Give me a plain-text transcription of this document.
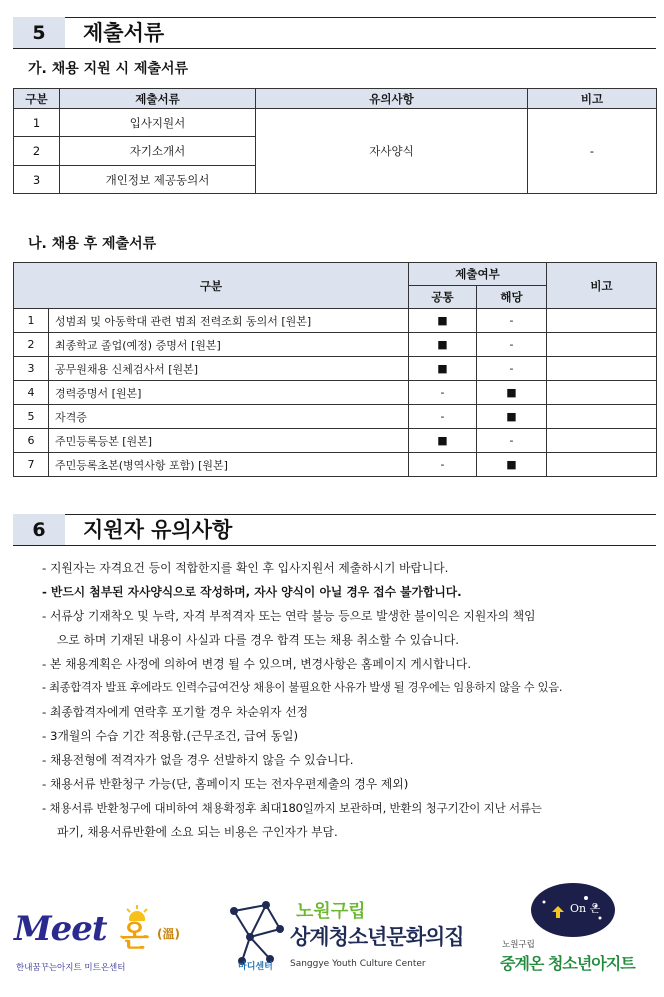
5	제출서류
가. 채용 지원 시 제출서류
구분	제출서류	유의사항	비고
1	입사지원서	자사양식	-
2	자기소개서		
3	개인정보 제공동의서		
나. 채용 후 제출서류
구분		제출여부		비고
		공통	해당	
1	성범죄 및 아동학대 관련 범죄 전력조회 동의서 [원본]	■	-	
2	최종학교 졸업(예정) 증명서 [원본]	■	-	
3	공무원채용 신체검사서 [원본]	■	-	
4	경력증명서 [원본]	-	■	
5	자격증	-	■	
6	주민등록등본 [원본]	■	-	
7	주민등록초본(병역사항 포함) [원본]	-	■	
6	지원자 유의사항
- 지원자는 자격요건 등이 적합한지를 확인 후 입사지원서 제출하시기 바랍니다.
- 반드시 첨부된 자사양식으로 작성하며, 자사 양식이 아닐 경우 접수 불가합니다.
- 서류상 기재착오 및 누락, 자격 부적격자 또는 연락 불능 등으로 발생한 불이익은 지원자의 책임
으로 하며 기재된 내용이 사실과 다를 경우 합격 또는 채용 취소할 수 있습니다.
- 본 채용계획은 사정에 의하여 변경 될 수 있으며, 변경사항은 홈페이지 게시합니다.
- 최종합격자 발표 후에라도 인력수급여건상 채용이 불필요한 사유가 발생 될 경우에는 임용하지 않을 수 있음.
- 최종합격자에게 연락후 포기할 경우 차순위자 선정
- 3개월의 수습 기간 적용함.(근무조건, 급여 동일)
- 채용전형에 적격자가 없을 경우 선발하지 않을 수 있습니다.
- 채용서류 반환청구 가능(단, 홈페이지 또는 전자우편제출의 경우 제외)
- 채용서류 반환청구에 대비하여 채용확정후 최대180일까지 보관하며, 반환의 청구기간이 지난 서류는
파기, 채용서류반환에 소요 되는 비용은 구인자가 부담.
Meet 온 (溫)
한내꿈꾸는아지트 미트온센터
노원구립
상계청소년문화의집
마디센터 Sanggye Youth Culture Center
On 온
노원구립
중계온 청소년아지트
